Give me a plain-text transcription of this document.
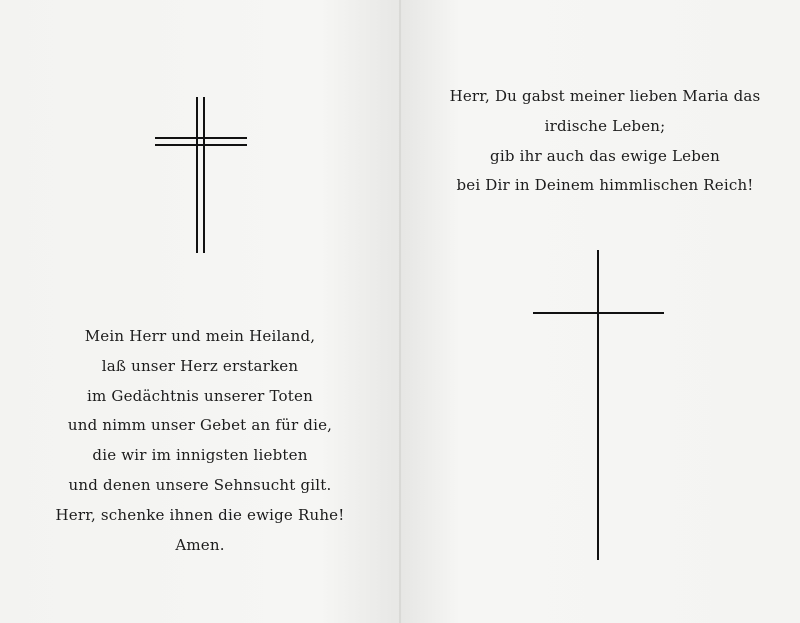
Mein Herr und mein Heiland,
laß unser Herz erstarken
im Gedächtnis unserer Toten
und nimm unser Gebet an für die,
die wir im innigsten liebten
und denen unsere Sehnsucht gilt.
Herr, schenke ihnen die ewige Ruhe!
Amen.
Herr, Du gabst meiner lieben Maria das
irdische Leben;
gib ihr auch das ewige Leben
bei Dir in Deinem himmlischen Reich!
